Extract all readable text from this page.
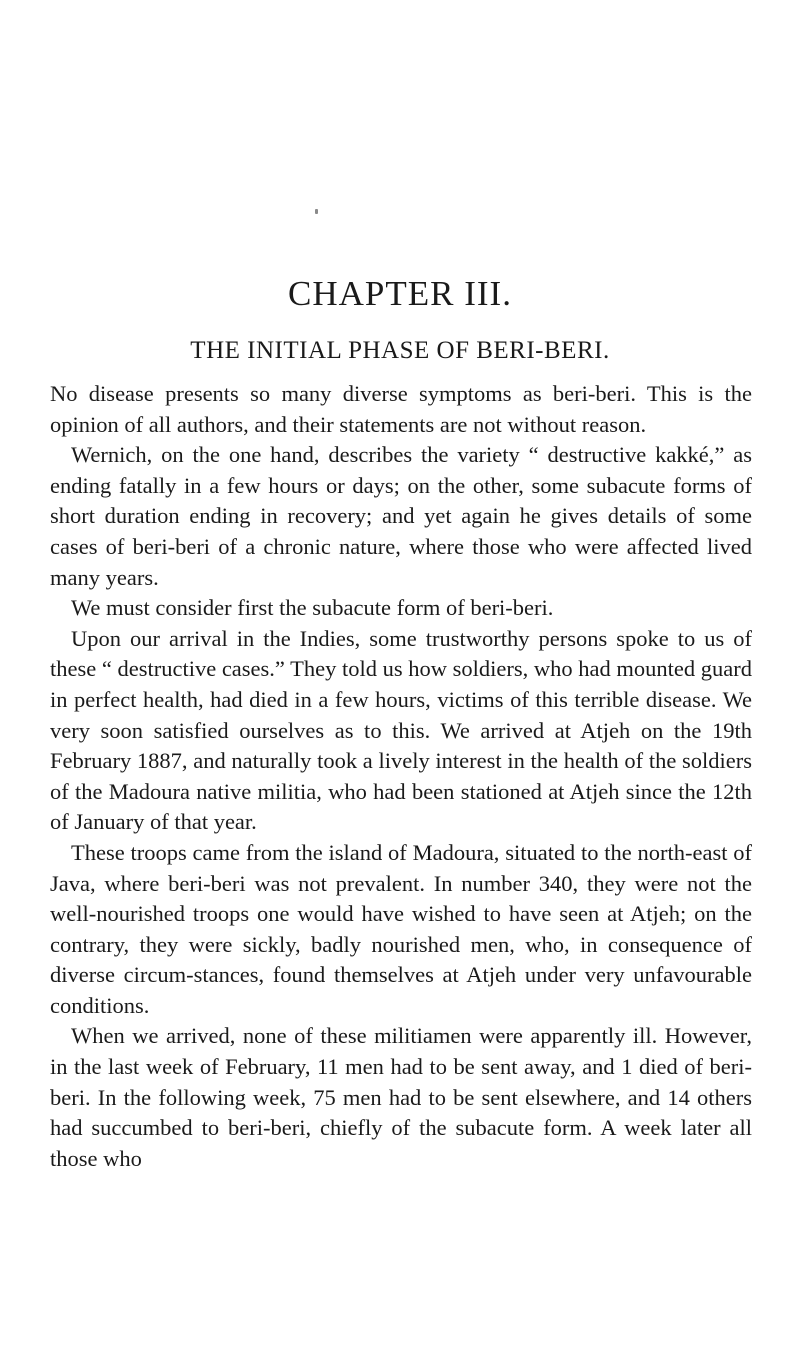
CHAPTER III.
THE INITIAL PHASE OF BERI-BERI.

No disease presents so many diverse symptoms as beri-beri. This is the opinion of all authors, and their statements are not without reason.

Wernich, on the one hand, describes the variety “ destructive kakké,” as ending fatally in a few hours or days; on the other, some subacute forms of short duration ending in recovery; and yet again he gives details of some cases of beri-beri of a chronic nature, where those who were affected lived many years.

We must consider first the subacute form of beri-beri.

Upon our arrival in the Indies, some trustworthy persons spoke to us of these “ destructive cases.” They told us how soldiers, who had mounted guard in perfect health, had died in a few hours, victims of this terrible disease. We very soon satisfied ourselves as to this. We arrived at Atjeh on the 19th February 1887, and naturally took a lively interest in the health of the soldiers of the Madoura native militia, who had been stationed at Atjeh since the 12th of January of that year.

These troops came from the island of Madoura, situated to the north-east of Java, where beri-beri was not prevalent. In number 340, they were not the well-nourished troops one would have wished to have seen at Atjeh; on the contrary, they were sickly, badly nourished men, who, in consequence of diverse circum-stances, found themselves at Atjeh under very unfavourable conditions.

When we arrived, none of these militiamen were apparently ill. However, in the last week of February, 11 men had to be sent away, and 1 died of beri-beri. In the following week, 75 men had to be sent elsewhere, and 14 others had succumbed to beri-beri, chiefly of the subacute form. A week later all those who
